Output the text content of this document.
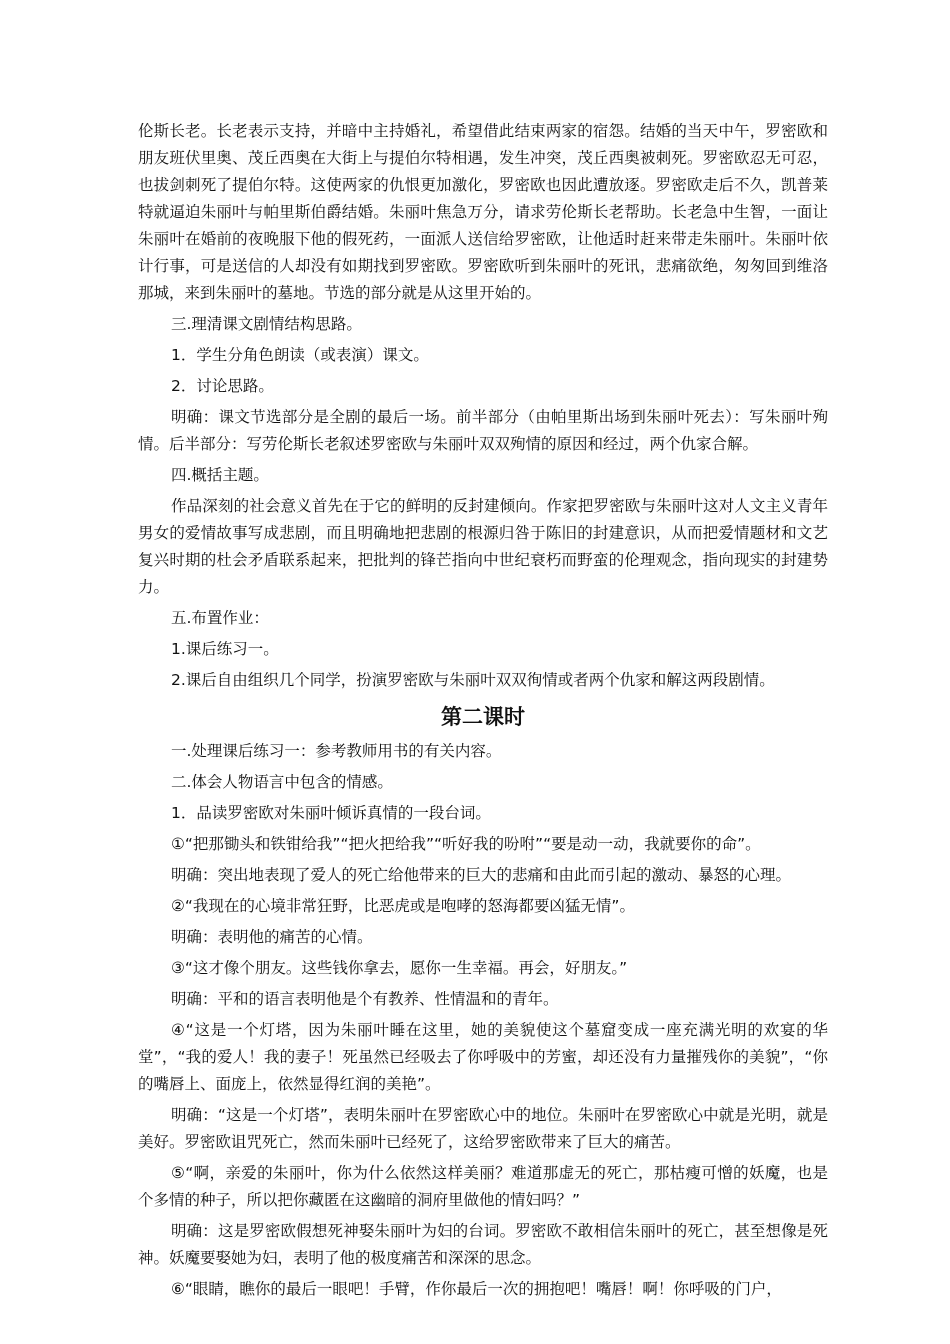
伦斯长老。长老表示支持，并暗中主持婚礼，希望借此结束两家的宿怨。结婚的当天中午，罗密欧和朋友班伏里奥、茂丘西奥在大街上与提伯尔特相遇，发生冲突，茂丘西奥被刺死。罗密欧忍无可忍，也拔剑刺死了提伯尔特。这使两家的仇恨更加激化，罗密欧也因此遭放逐。罗密欧走后不久，凯普莱特就逼迫朱丽叶与帕里斯伯爵结婚。朱丽叶焦急万分，请求劳伦斯长老帮助。长老急中生智，一面让朱丽叶在婚前的夜晚服下他的假死药，一面派人送信给罗密欧，让他适时赶来带走朱丽叶。朱丽叶依计行事，可是送信的人却没有如期找到罗密欧。罗密欧听到朱丽叶的死讯，悲痛欲绝，匆匆回到维洛那城，来到朱丽叶的墓地。节选的部分就是从这里开始的。

三.理清课文剧情结构思路。

1．学生分角色朗读（或表演）课文。

2．讨论思路。

明确：课文节选部分是全剧的最后一场。前半部分（由帕里斯出场到朱丽叶死去）：写朱丽叶殉情。后半部分：写劳伦斯长老叙述罗密欧与朱丽叶双双殉情的原因和经过，两个仇家合解。

四.概括主题。

作品深刻的社会意义首先在于它的鲜明的反封建倾向。作家把罗密欧与朱丽叶这对人文主义青年男女的爱情故事写成悲剧，而且明确地把悲剧的根源归咎于陈旧的封建意识，从而把爱情题材和文艺复兴时期的杜会矛盾联系起来，把批判的锋芒指向中世纪衰朽而野蛮的伦理观念，指向现实的封建势力。

五.布置作业：

1.课后练习一。

2.课后自由组织几个同学，扮演罗密欧与朱丽叶双双徇情或者两个仇家和解这两段剧情。

第二课时

一.处理课后练习一：参考教师用书的有关内容。

二.体会人物语言中包含的情感。

1．品读罗密欧对朱丽叶倾诉真情的一段台词。

①“把那锄头和铁钳给我”“把火把给我”“听好我的吩咐”“要是动一动，我就要你的命”。

明确：突出地表现了爱人的死亡给他带来的巨大的悲痛和由此而引起的激动、暴怒的心理。

②“我现在的心境非常狂野，比恶虎或是咆哮的怒海都要凶猛无情”。

明确：表明他的痛苦的心情。

③“这才像个朋友。这些钱你拿去，愿你一生幸福。再会，好朋友。”

明确：平和的语言表明他是个有教养、性情温和的青年。

④“这是一个灯塔，因为朱丽叶睡在这里，她的美貌使这个墓窟变成一座充满光明的欢宴的华堂”，“我的爱人！我的妻子！死虽然已经吸去了你呼吸中的芳蜜，却还没有力量摧残你的美貌”，“你的嘴唇上、面庞上，依然显得红润的美艳”。

明确：“这是一个灯塔”，表明朱丽叶在罗密欧心中的地位。朱丽叶在罗密欧心中就是光明，就是美好。罗密欧诅咒死亡，然而朱丽叶已经死了，这给罗密欧带来了巨大的痛苦。

⑤“啊，亲爱的朱丽叶，你为什么依然这样美丽？难道那虚无的死亡，那枯瘦可憎的妖魔，也是个多情的种子，所以把你藏匿在这幽暗的洞府里做他的情妇吗？”

明确：这是罗密欧假想死神娶朱丽叶为妇的台词。罗密欧不敢相信朱丽叶的死亡，甚至想像是死神。妖魔要娶她为妇，表明了他的极度痛苦和深深的思念。

⑥“眼睛，瞧你的最后一眼吧！手臂，作你最后一次的拥抱吧！嘴唇！啊！你呼吸的门户，
